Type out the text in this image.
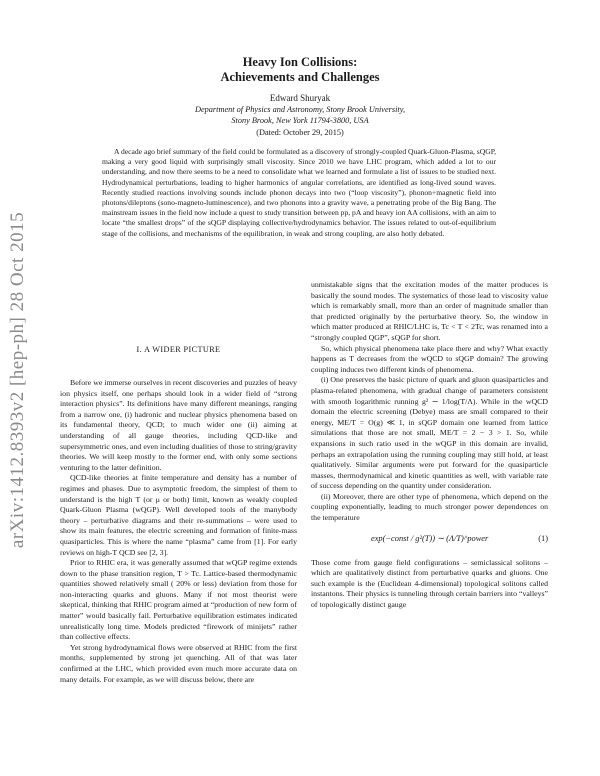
arXiv:1412.8393v2 [hep-ph] 28 Oct 2015
Heavy Ion Collisions:
Achievements and Challenges
Edward Shuryak
Department of Physics and Astronomy, Stony Brook University,
Stony Brook, New York 11794-3800, USA
(Dated: October 29, 2015)
A decade ago brief summary of the field could be formulated as a discovery of strongly-coupled Quark-Gluon-Plasma, sQGP, making a very good liquid with surprisingly small viscosity. Since 2010 we have LHC program, which added a lot to our understanding, and now there seems to be a need to consolidate what we learned and formulate a list of issues to be studied next. Hydrodynamical perturbations, leading to higher harmonics of angular correlations, are identified as long-lived sound waves. Recently studied reactions involving sounds include phonon decays into two (“loop viscosity”), phonon+magnetic field into photons/dileptons (sono-magneto-luminescence), and two phonons into a gravity wave, a penetrating probe of the Big Bang. The mainstream issues in the field now include a quest to study transition between pp, pA and heavy ion AA collisions, with an aim to locate “the smallest drops” of the sQGP displaying collective/hydrodynamics behavior. The issues related to out-of-equilibrium stage of the collisions, and mechanisms of the equilibration, in weak and strong coupling, are also hotly debated.
I. A WIDER PICTURE

Before we immerse ourselves in recent discoveries and puzzles of heavy ion physics itself, one perhaps should look in a wider field of “strong interaction physics”. Its definitions have many different meanings, ranging from a narrow one, (i) hadronic and nuclear physics phenomena based on its fundamental theory, QCD; to much wider one (ii) aiming at understanding of all gauge theories, including QCD-like and supersymmetric ones, and even including dualities of those to string/gravity theories. We will keep mostly to the former end, with only some sections venturing to the latter definition.

QCD-like theories at finite temperature and density has a number of regimes and phases. Due to asymptotic freedom, the simplest of them to understand is the high T (or μ or both) limit, known as weakly coupled Quark-Gluon Plasma (wQGP). Well developed tools of the manybody theory – perturbative diagrams and their re-summations – were used to show its main features, the electric screening and formation of finite-mass quasiparticles. This is where the name “plasma” came from [1]. For early reviews on high-T QCD see [2, 3].

Prior to RHIC era, it was generally assumed that wQGP regime extends down to the phase transition region, T > Tc. Lattice-based thermodynamic quantities showed relatively small ( 20% or less) deviation from those for non-interacting quarks and gluons. Many if not most theorist were skeptical, thinking that RHIC program aimed at “production of new form of matter” would basically fail. Perturbative equilibration estimates indicated unrealistically long time. Models predicted “firework of minijets” rather than collective effects.

Yet strong hydrodynamical flows were observed at RHIC from the first months, supplemented by strong jet quenching. All of that was later confirmed at the LHC, which provided even much more accurate data on many details. For example, as we will discuss below, there are

unmistakable signs that the excitation modes of the matter produces is basically the sound modes. The systematics of those lead to viscosity value which is remarkably small, more than an order of magnitude smaller than that predicted originally by the perturbative theory. So, the window in which matter produced at RHIC/LHC is, Tc < T < 2Tc, was renamed into a “strongly coupled QGP”, sQGP for short.

So, which physical phenomena take place there and why? What exactly happens as T decreases from the wQCD to sQGP domain? The growing coupling induces two different kinds of phenomena.

(i) One preserves the basic picture of quark and gluon quasiparticles and plasma-related phenomena, with gradual change of parameters consistent with smooth logarithmic running g² ∼ 1/log(T/Λ). While in the wQCD domain the electric screening (Debye) mass are small compared to their energy, ME/T = O(g) ≪ 1, in sQGP domain one learned from lattice simulations that those are not small, ME/T = 2 − 3 > 1. So, while expansions in such ratio used in the wQGP in this domain are invalid, perhaps an extrapolation using the running coupling may still hold, at least qualitatively. Similar arguments were put forward for the quasiparticle masses, thermodynamical and kinetic quantities as well, with variable rate of success depending on the quantity under consideration.

(ii) Moreover, there are other type of phenomena, which depend on the coupling exponentially, leading to much stronger power dependences on the temperature

exp(−const / g²(T)) ∼ (Λ/T)^power	(1)

Those come from gauge field configurations – semiclassical solitons – which are qualitatively distinct from perturbative quarks and gluons. One such example is the (Euclidean 4-dimensional) topological solitons called instantons. Their physics is tunneling through certain barriers into “valleys” of topologically distinct gauge
